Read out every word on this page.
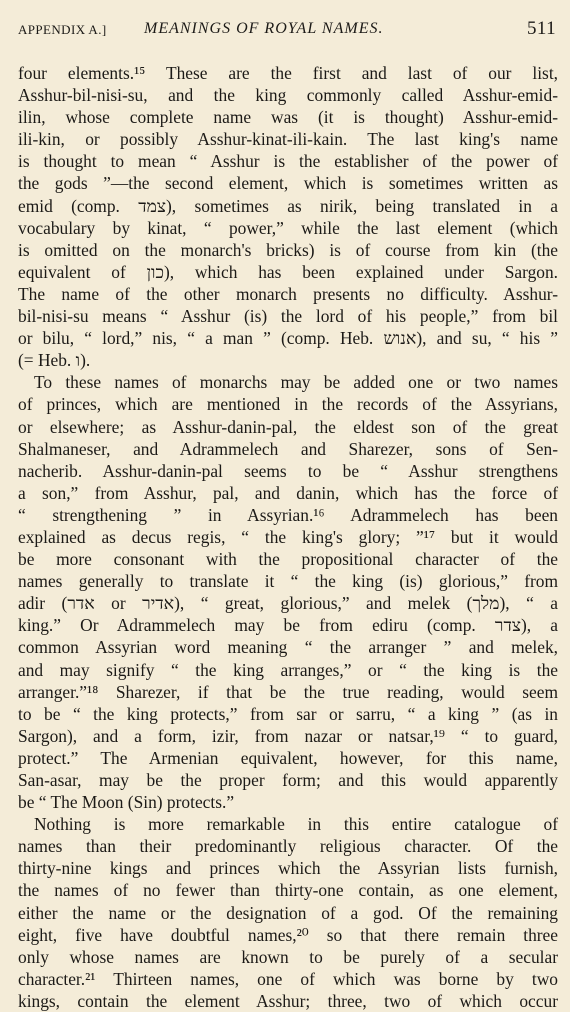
APPENDIX A.] MEANINGS OF ROYAL NAMES.	511
four elements.¹⁵ These are the first and last of our list,
Asshur-bil-nisi-su, and the king commonly called Asshur-emid-
ilin, whose complete name was (it is thought) Asshur-emid-
ili-kin, or possibly Asshur-kinat-ili-kain. The last king's name
is thought to mean “ Asshur is the establisher of the power of
the gods ”—the second element, which is sometimes written as
emid (comp. צמד), sometimes as nirik, being translated in a
vocabulary by kinat, “ power,” while the last element (which
is omitted on the monarch's bricks) is of course from kin (the
equivalent of כון), which has been explained under Sargon.
The name of the other monarch presents no difficulty. Asshur-
bil-nisi-su means “ Asshur (is) the lord of his people,” from bil
or bilu, “ lord,” nis, “ a man ” (comp. Heb. אנוש), and su, “ his ”
(= Heb. ו).
To these names of monarchs may be added one or two names
of princes, which are mentioned in the records of the Assyrians,
or elsewhere; as Asshur-danin-pal, the eldest son of the great
Shalmaneser, and Adrammelech and Sharezer, sons of Sen-
nacherib. Asshur-danin-pal seems to be “ Asshur strengthens
a son,” from Asshur, pal, and danin, which has the force of
“ strengthening ” in Assyrian.¹⁶ Adrammelech has been
explained as decus regis, “ the king's glory; ”¹⁷ but it would
be more consonant with the propositional character of the
names generally to translate it “ the king (is) glorious,” from
adir (אדר or אדיר), “ great, glorious,” and melek (מלך), “ a
king.” Or Adrammelech may be from ediru (comp. צדר), a
common Assyrian word meaning “ the arranger ” and melek,
and may signify “ the king arranges,” or “ the king is the
arranger.”¹⁸ Sharezer, if that be the true reading, would seem
to be “ the king protects,” from sar or sarru, “ a king ” (as in
Sargon), and a form, izir, from nazar or natsar,¹⁹ “ to guard,
protect.” The Armenian equivalent, however, for this name,
San-asar, may be the proper form; and this would apparently
be “ The Moon (Sin) protects.”
Nothing is more remarkable in this entire catalogue of
names than their predominantly religious character. Of the
thirty-nine kings and princes which the Assyrian lists furnish,
the names of no fewer than thirty-one contain, as one element,
either the name or the designation of a god. Of the remaining
eight, five have doubtful names,²⁰ so that there remain three
only whose names are known to be purely of a secular
character.²¹ Thirteen names, one of which was borne by two
kings, contain the element Asshur; three, two of which occur
